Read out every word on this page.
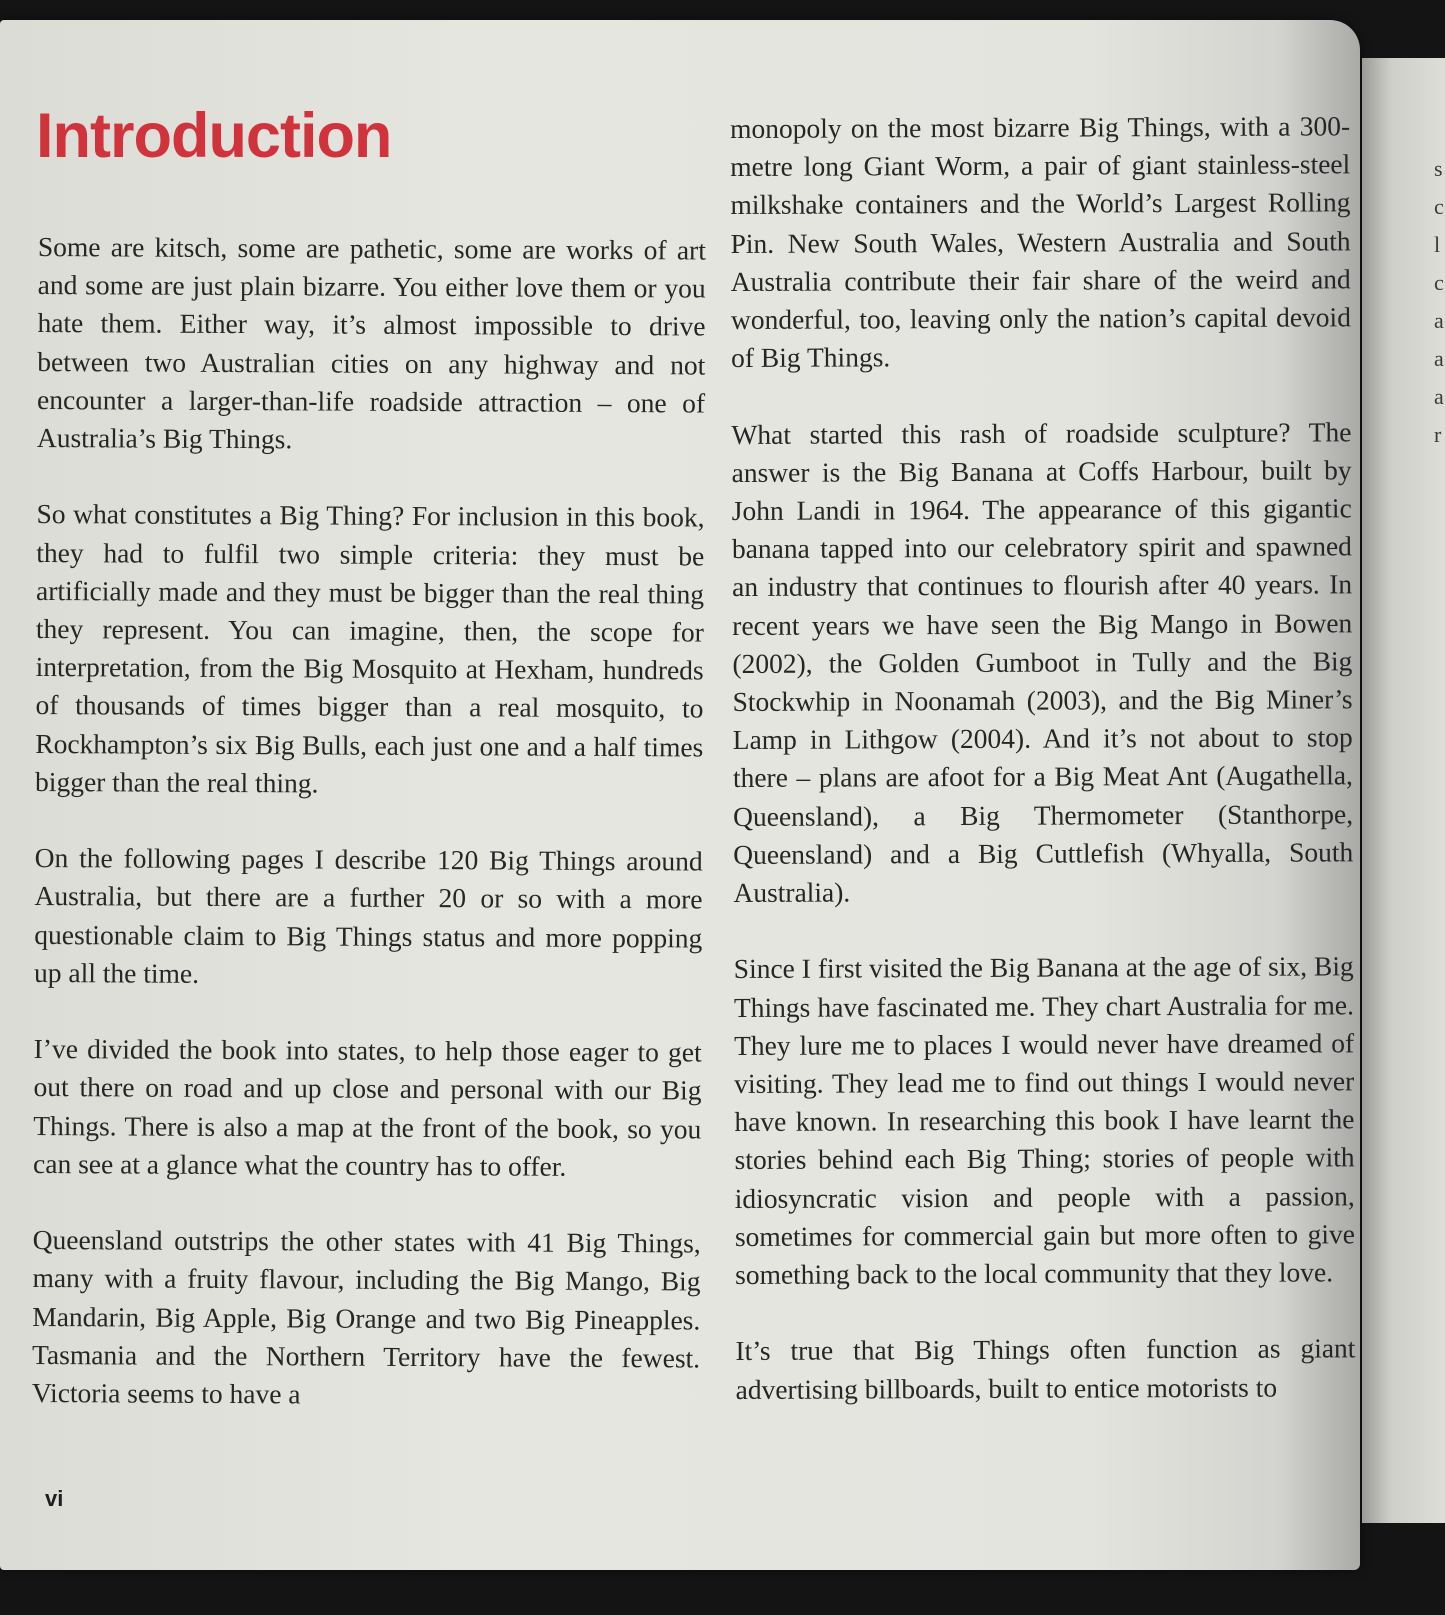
s
c
l
c
a
a
a
r
Introduction

Some are kitsch, some are pathetic, some are works of art and some are just plain bizarre. You either love them or you hate them. Either way, it’s almost impossible to drive between two Australian cities on any highway and not encounter a larger-than-life roadside attraction – one of Australia’s Big Things.

So what constitutes a Big Thing? For inclusion in this book, they had to fulfil two simple criteria: they must be artificially made and they must be bigger than the real thing they represent. You can imagine, then, the scope for interpretation, from the Big Mosquito at Hexham, hundreds of thousands of times bigger than a real mosquito, to Rockhampton’s six Big Bulls, each just one and a half times bigger than the real thing.

On the following pages I describe 120 Big Things around Australia, but there are a further 20 or so with a more questionable claim to Big Things status and more popping up all the time.

I’ve divided the book into states, to help those eager to get out there on road and up close and personal with our Big Things. There is also a map at the front of the book, so you can see at a glance what the country has to offer.

Queensland outstrips the other states with 41 Big Things, many with a fruity flavour, including the Big Mango, Big Mandarin, Big Apple, Big Orange and two Big Pineapples. Tasmania and the Northern Territory have the fewest. Victoria seems to have a

monopoly on the most bizarre Big Things, with a 300-metre long Giant Worm, a pair of giant stainless-steel milkshake containers and the World’s Largest Rolling Pin. New South Wales, Western Australia and South Australia contribute their fair share of the weird and wonderful, too, leaving only the nation’s capital devoid of Big Things.

What started this rash of roadside sculpture? The answer is the Big Banana at Coffs Harbour, built by John Landi in 1964. The appearance of this gigantic banana tapped into our celebratory spirit and spawned an industry that continues to flourish after 40 years. In recent years we have seen the Big Mango in Bowen (2002), the Golden Gumboot in Tully and the Big Stockwhip in Noonamah (2003), and the Big Miner’s Lamp in Lithgow (2004). And it’s not about to stop there – plans are afoot for a Big Meat Ant (Augathella, Queensland), a Big Thermometer (Stanthorpe, Queensland) and a Big Cuttlefish (Whyalla, South Australia).

Since I first visited the Big Banana at the age of six, Big Things have fascinated me. They chart Australia for me. They lure me to places I would never have dreamed of visiting. They lead me to find out things I would never have known. In researching this book I have learnt the stories behind each Big Thing; stories of people with idiosyncratic vision and people with a passion, sometimes for commercial gain but more often to give something back to the local community that they love.

It’s true that Big Things often function as giant advertising billboards, built to entice motorists to

vi
